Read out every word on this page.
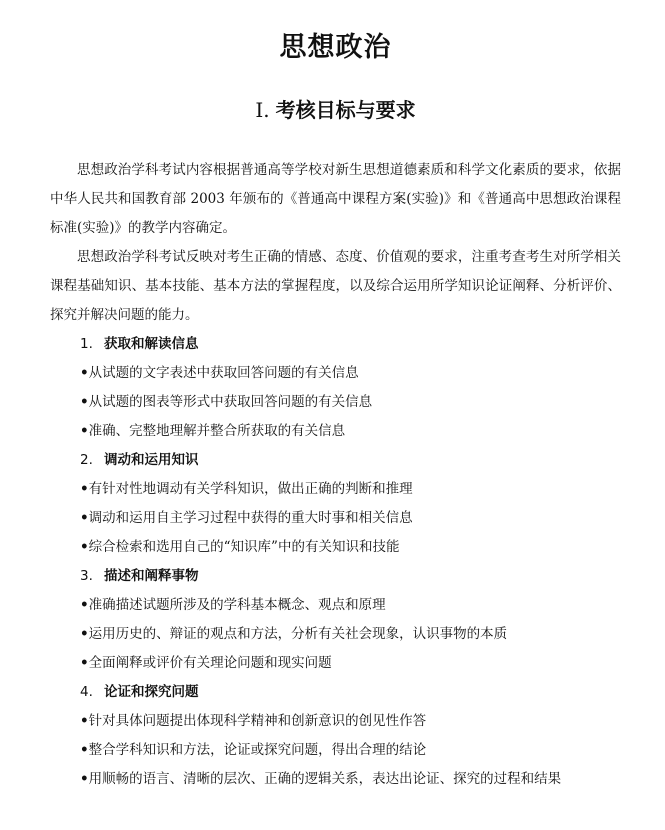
思想政治
Ⅰ. 考核目标与要求

思想政治学科考试内容根据普通高等学校对新生思想道德素质和科学文化素质的要求，依据中华人民共和国教育部 2003 年颁布的《普通高中课程方案(实验)》和《普通高中思想政治课程标准(实验)》的教学内容确定。

思想政治学科考试反映对考生正确的情感、态度、价值观的要求，注重考查考生对所学相关课程基础知识、基本技能、基本方法的掌握程度，以及综合运用所学知识论证阐释、分析评价、探究并解决问题的能力。

1. 获取和解读信息

•从试题的文字表述中获取回答问题的有关信息

•从试题的图表等形式中获取回答问题的有关信息

•准确、完整地理解并整合所获取的有关信息

2. 调动和运用知识

•有针对性地调动有关学科知识，做出正确的判断和推理

•调动和运用自主学习过程中获得的重大时事和相关信息

•综合检索和选用自己的“知识库”中的有关知识和技能

3. 描述和阐释事物

•准确描述试题所涉及的学科基本概念、观点和原理

•运用历史的、辩证的观点和方法，分析有关社会现象，认识事物的本质

•全面阐释或评价有关理论问题和现实问题

4. 论证和探究问题

•针对具体问题提出体现科学精神和创新意识的创见性作答

•整合学科知识和方法，论证或探究问题，得出合理的结论

•用顺畅的语言、清晰的层次、正确的逻辑关系，表达出论证、探究的过程和结果
